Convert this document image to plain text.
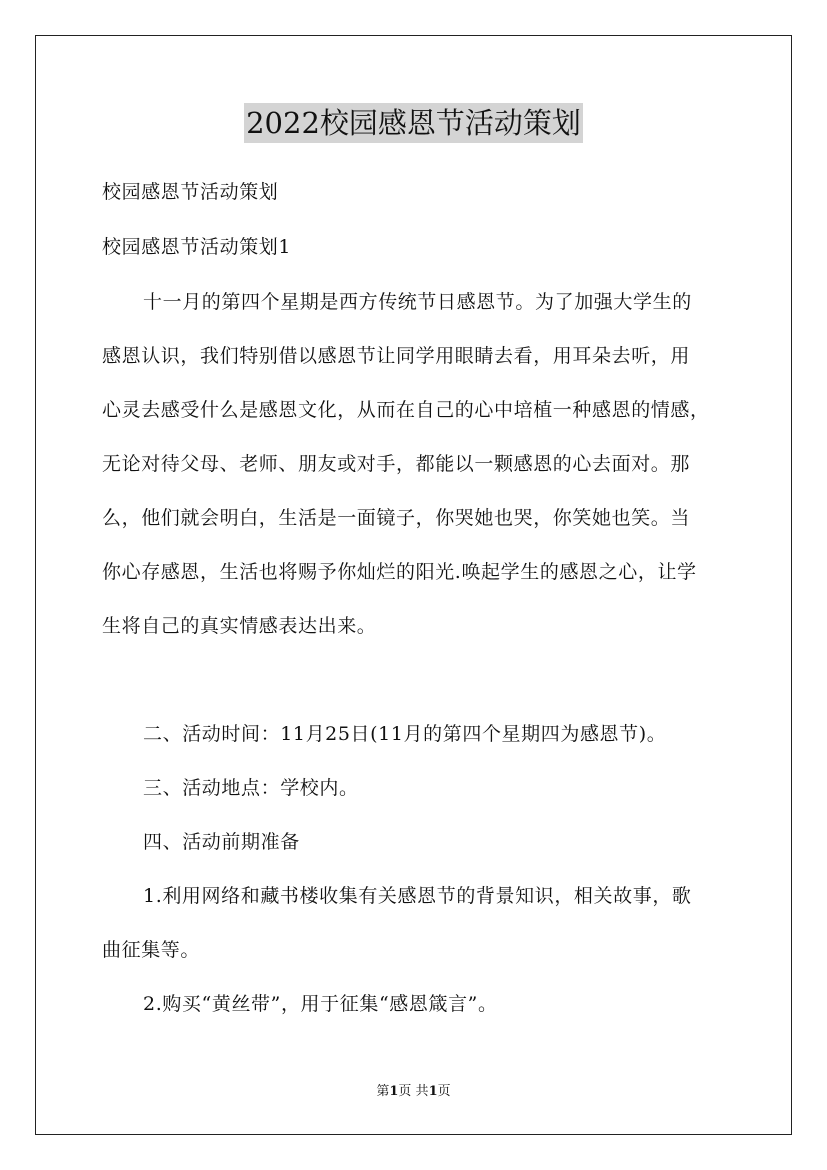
2022校园感恩节活动策划
校园感恩节活动策划
校园感恩节活动策划1
十一月的第四个星期是西方传统节日感恩节。为了加强大学生的
感恩认识，我们特别借以感恩节让同学用眼睛去看，用耳朵去听，用
心灵去感受什么是感恩文化，从而在自己的心中培植一种感恩的情感，
无论对待父母、老师、朋友或对手，都能以一颗感恩的心去面对。那
么，他们就会明白，生活是一面镜子，你哭她也哭，你笑她也笑。当
你心存感恩，生活也将赐予你灿烂的阳光.唤起学生的感恩之心，让学
生将自己的真实情感表达出来。
二、活动时间：11月25日(11月的第四个星期四为感恩节)。
三、活动地点：学校内。
四、活动前期准备
1.利用网络和藏书楼收集有关感恩节的背景知识，相关故事，歌
曲征集等。
2.购买“黄丝带”，用于征集“感恩箴言”。
第1页 共1页
